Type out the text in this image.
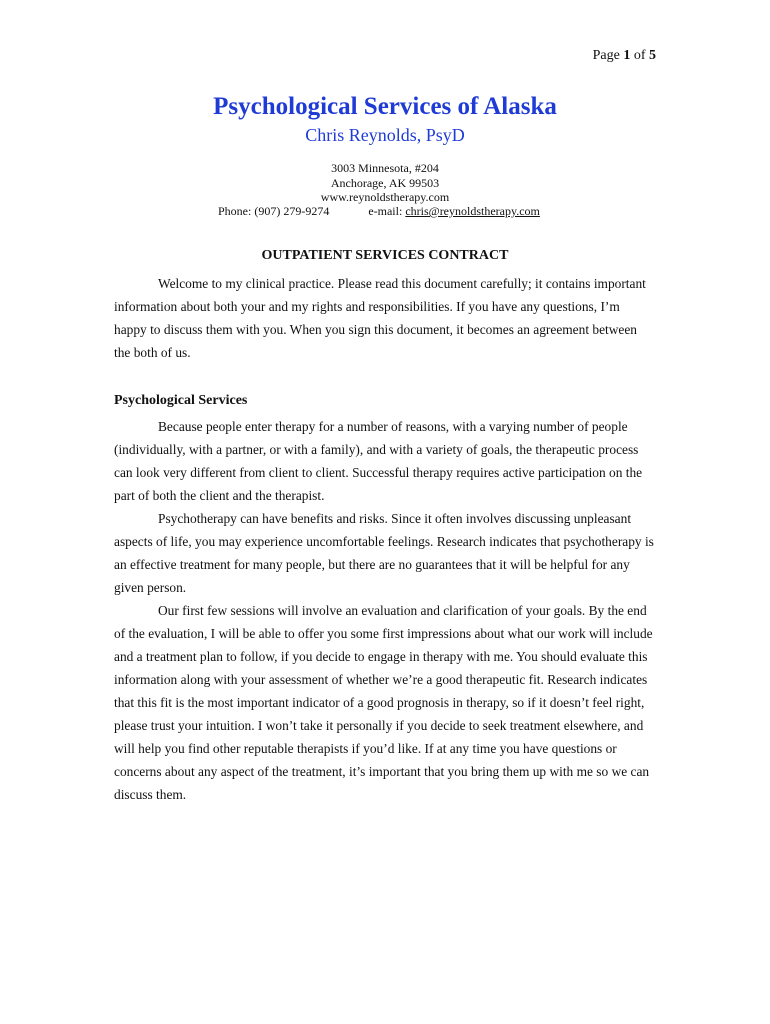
Page 1 of 5
Psychological Services of Alaska
Chris Reynolds, PsyD
3003 Minnesota, #204
Anchorage, AK 99503
www.reynoldstherapy.com
Phone: (907) 279-9274	e-mail: chris@reynoldstherapy.com
OUTPATIENT SERVICES CONTRACT

Welcome to my clinical practice. Please read this document carefully; it contains important information about both your and my rights and responsibilities. If you have any questions, I’m happy to discuss them with you. When you sign this document, it becomes an agreement between the both of us.

Psychological Services

Because people enter therapy for a number of reasons, with a varying number of people (individually, with a partner, or with a family), and with a variety of goals, the therapeutic process can look very different from client to client. Successful therapy requires active participation on the part of both the client and the therapist.

Psychotherapy can have benefits and risks. Since it often involves discussing unpleasant aspects of life, you may experience uncomfortable feelings. Research indicates that psychotherapy is an effective treatment for many people, but there are no guarantees that it will be helpful for any given person.

Our first few sessions will involve an evaluation and clarification of your goals. By the end of the evaluation, I will be able to offer you some first impressions about what our work will include and a treatment plan to follow, if you decide to engage in therapy with me. You should evaluate this information along with your assessment of whether we’re a good therapeutic fit. Research indicates that this fit is the most important indicator of a good prognosis in therapy, so if it doesn’t feel right, please trust your intuition. I won’t take it personally if you decide to seek treatment elsewhere, and will help you find other reputable therapists if you’d like. If at any time you have questions or concerns about any aspect of the treatment, it’s important that you bring them up with me so we can discuss them.
